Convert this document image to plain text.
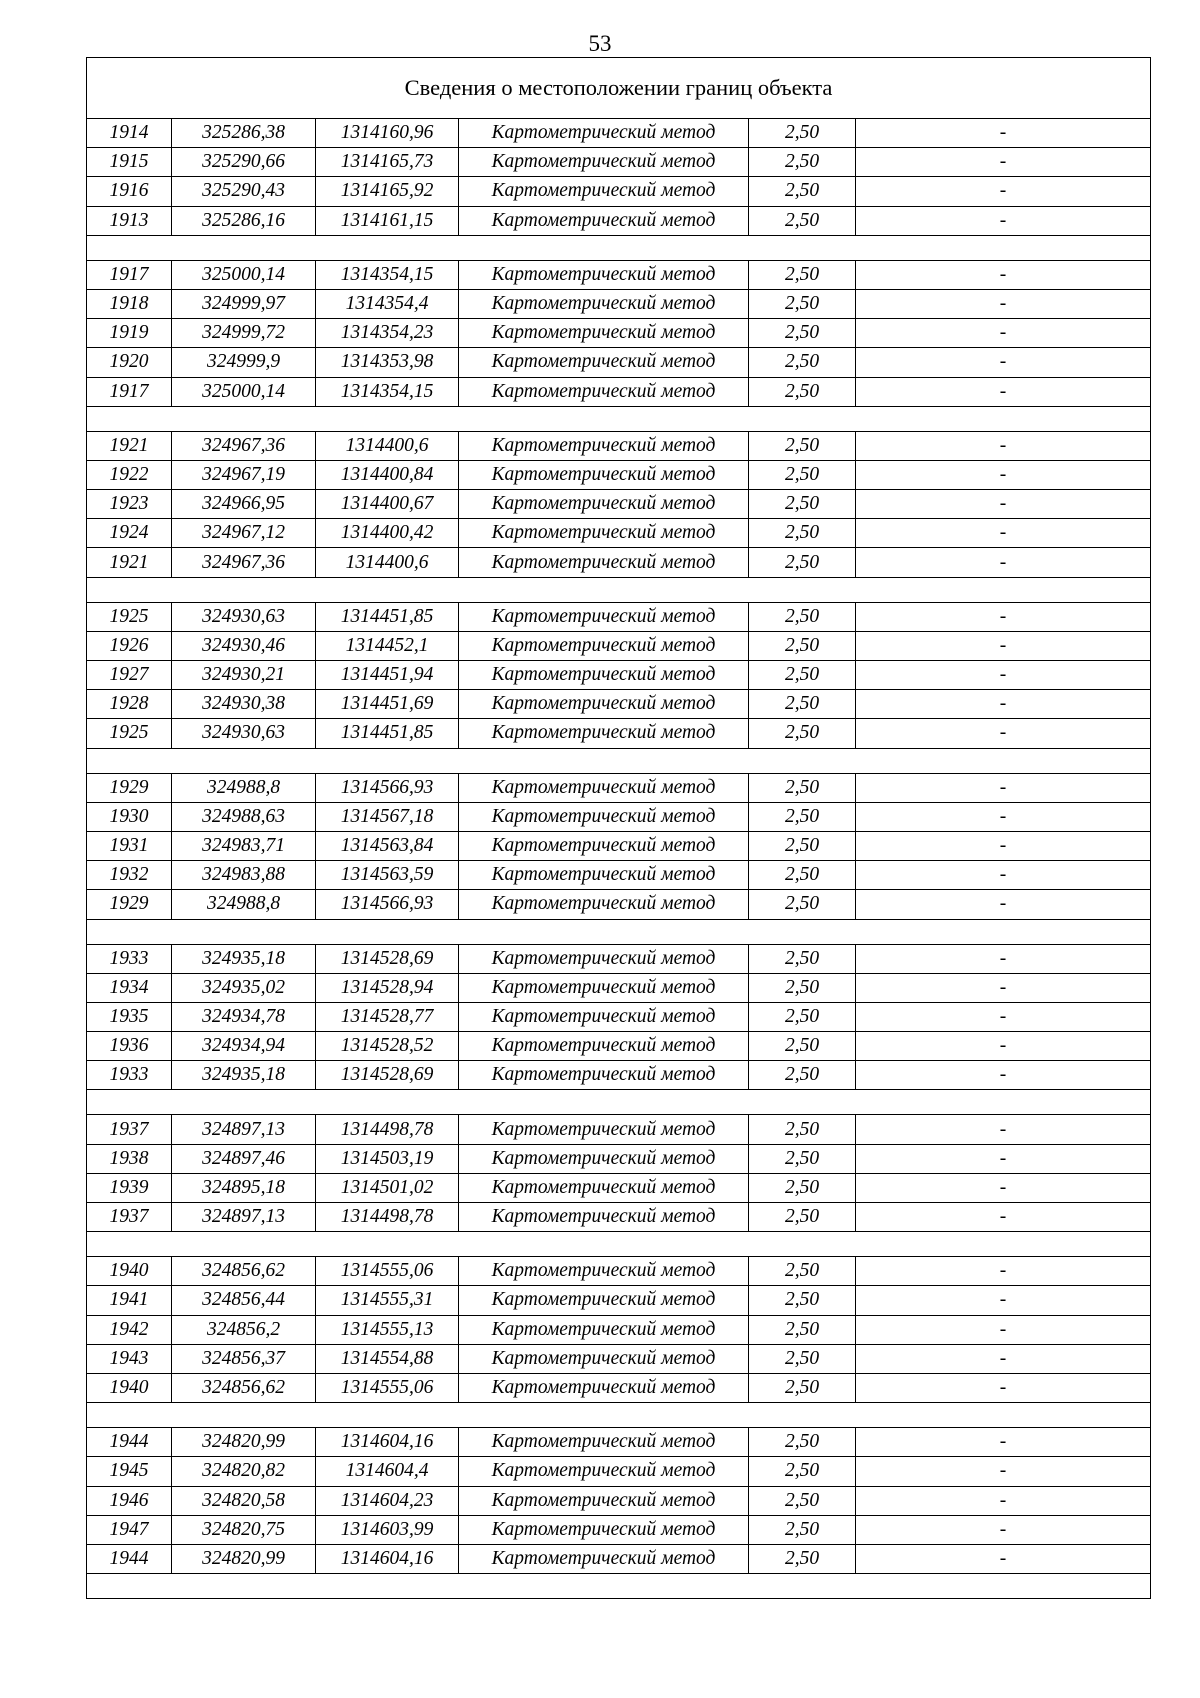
53
Сведения о местоположении границ объекта					
1914	325286,38	1314160,96	Картометрический метод	2,50	-
1915	325290,66	1314165,73	Картометрический метод	2,50	-
1916	325290,43	1314165,92	Картометрический метод	2,50	-
1913	325286,16	1314161,15	Картометрический метод	2,50	-

1917	325000,14	1314354,15	Картометрический метод	2,50	-
1918	324999,97	1314354,4	Картометрический метод	2,50	-
1919	324999,72	1314354,23	Картометрический метод	2,50	-
1920	324999,9	1314353,98	Картометрический метод	2,50	-
1917	325000,14	1314354,15	Картометрический метод	2,50	-

1921	324967,36	1314400,6	Картометрический метод	2,50	-
1922	324967,19	1314400,84	Картометрический метод	2,50	-
1923	324966,95	1314400,67	Картометрический метод	2,50	-
1924	324967,12	1314400,42	Картометрический метод	2,50	-
1921	324967,36	1314400,6	Картометрический метод	2,50	-

1925	324930,63	1314451,85	Картометрический метод	2,50	-
1926	324930,46	1314452,1	Картометрический метод	2,50	-
1927	324930,21	1314451,94	Картометрический метод	2,50	-
1928	324930,38	1314451,69	Картометрический метод	2,50	-
1925	324930,63	1314451,85	Картометрический метод	2,50	-

1929	324988,8	1314566,93	Картометрический метод	2,50	-
1930	324988,63	1314567,18	Картометрический метод	2,50	-
1931	324983,71	1314563,84	Картометрический метод	2,50	-
1932	324983,88	1314563,59	Картометрический метод	2,50	-
1929	324988,8	1314566,93	Картометрический метод	2,50	-

1933	324935,18	1314528,69	Картометрический метод	2,50	-
1934	324935,02	1314528,94	Картометрический метод	2,50	-
1935	324934,78	1314528,77	Картометрический метод	2,50	-
1936	324934,94	1314528,52	Картометрический метод	2,50	-
1933	324935,18	1314528,69	Картометрический метод	2,50	-

1937	324897,13	1314498,78	Картометрический метод	2,50	-
1938	324897,46	1314503,19	Картометрический метод	2,50	-
1939	324895,18	1314501,02	Картометрический метод	2,50	-
1937	324897,13	1314498,78	Картометрический метод	2,50	-

1940	324856,62	1314555,06	Картометрический метод	2,50	-
1941	324856,44	1314555,31	Картометрический метод	2,50	-
1942	324856,2	1314555,13	Картометрический метод	2,50	-
1943	324856,37	1314554,88	Картометрический метод	2,50	-
1940	324856,62	1314555,06	Картометрический метод	2,50	-

1944	324820,99	1314604,16	Картометрический метод	2,50	-
1945	324820,82	1314604,4	Картометрический метод	2,50	-
1946	324820,58	1314604,23	Картометрический метод	2,50	-
1947	324820,75	1314603,99	Картометрический метод	2,50	-
1944	324820,99	1314604,16	Картометрический метод	2,50	-
